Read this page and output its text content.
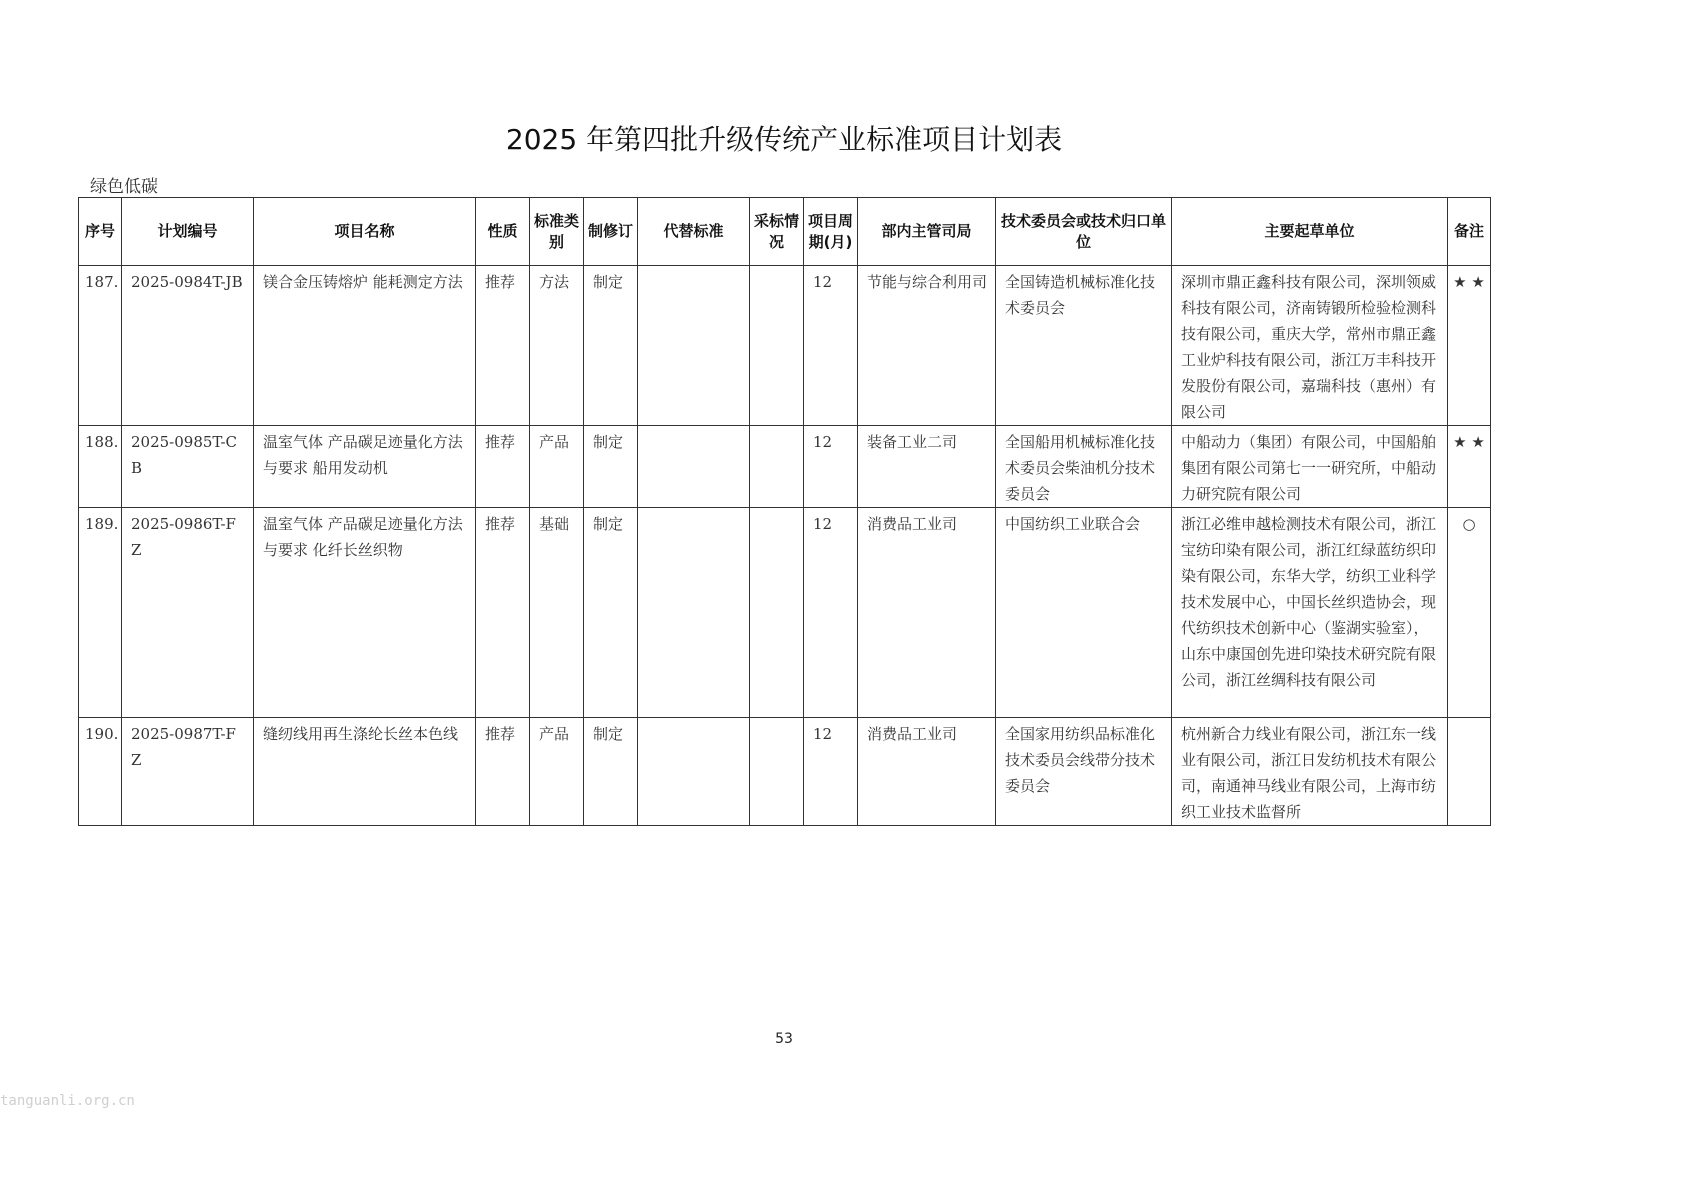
2025 年第四批升级传统产业标准项目计划表
绿色低碳
序号	计划编号	项目名称	性质	标准类别	制修订	代替标准	采标情况	项目周期(月)	部内主管司局	技术委员会或技术归口单位	主要起草单位	备注
187.	2025-0984T-JB	镁合金压铸熔炉 能耗测定方法	推荐	方法	制定			12	节能与综合利用司	全国铸造机械标准化技术委员会	深圳市鼎正鑫科技有限公司，深圳领威科技有限公司，济南铸锻所检验检测科技有限公司，重庆大学，常州市鼎正鑫工业炉科技有限公司，浙江万丰科技开发股份有限公司，嘉瑞科技（惠州）有限公司	★ ★
188.	2025-0985T-CB	温室气体 产品碳足迹量化方法与要求 船用发动机	推荐	产品	制定			12	装备工业二司	全国船用机械标准化技术委员会柴油机分技术委员会	中船动力（集团）有限公司，中国船舶集团有限公司第七一一研究所，中船动力研究院有限公司	★ ★
189.	2025-0986T-FZ	温室气体 产品碳足迹量化方法与要求 化纤长丝织物	推荐	基础	制定			12	消费品工业司	中国纺织工业联合会	浙江必维申越检测技术有限公司，浙江宝纺印染有限公司，浙江红绿蓝纺织印染有限公司，东华大学，纺织工业科学技术发展中心，中国长丝织造协会，现代纺织技术创新中心（鉴湖实验室），山东中康国创先进印染技术研究院有限公司，浙江丝绸科技有限公司	○
190.	2025-0987T-FZ	缝纫线用再生涤纶长丝本色线	推荐	产品	制定			12	消费品工业司	全国家用纺织品标准化技术委员会线带分技术委员会	杭州新合力线业有限公司，浙江东一线业有限公司，浙江日发纺机技术有限公司，南通神马线业有限公司，上海市纺织工业技术监督所	
53
tanguanli.org.cn
